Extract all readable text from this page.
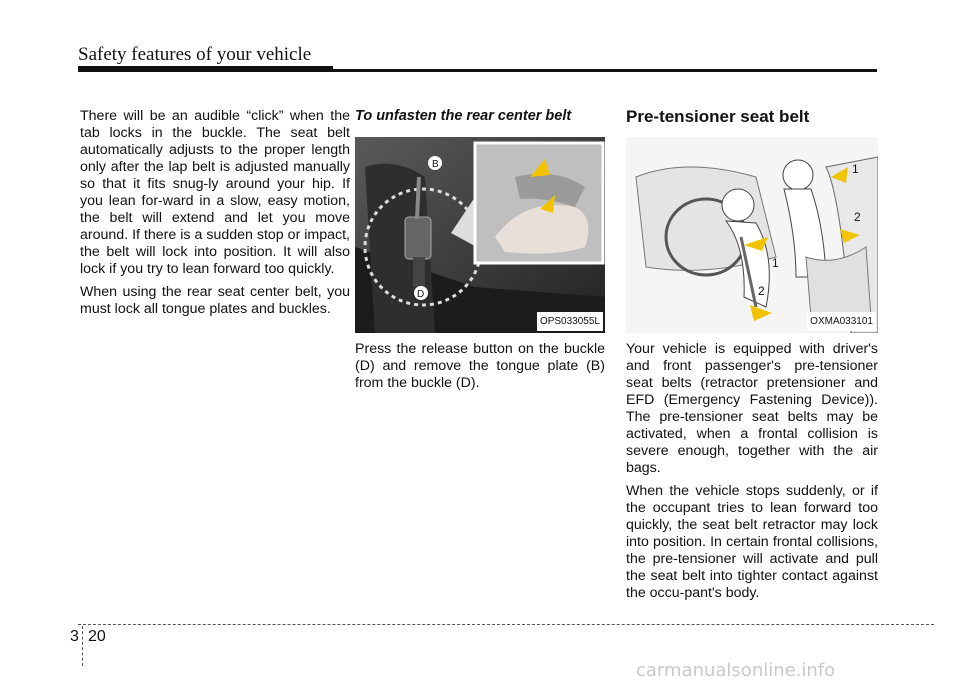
Safety features of your vehicle

There will be an audible “click” when the tab locks in the buckle. The seat belt automatically adjusts to the proper length only after the lap belt is adjusted manually so that it fits snug-ly around your hip. If you lean for-ward in a slow, easy motion, the belt will extend and let you move around. If there is a sudden stop or impact, the belt will lock into position. It will also lock if you try to lean forward too quickly.

When using the rear seat center belt, you must lock all tongue plates and buckles.

To unfasten the rear center belt
B
D
OPS033055L

Press the release button on the buckle (D) and remove the tongue plate (B) from the buckle (D).

Pre-tensioner seat belt
1
2
1
2
OXMA033101

Your vehicle is equipped with driver's and front passenger's pre-tensioner seat belts (retractor pretensioner and EFD (Emergency Fastening Device)). The pre-tensioner seat belts may be activated, when a frontal collision is severe enough, together with the air bags.

When the vehicle stops suddenly, or if the occupant tries to lean forward too quickly, the seat belt retractor may lock into position. In certain frontal collisions, the pre-tensioner will activate and pull the seat belt into tighter contact against the occu-pant's body.

3 20
carmanualsonline.info
